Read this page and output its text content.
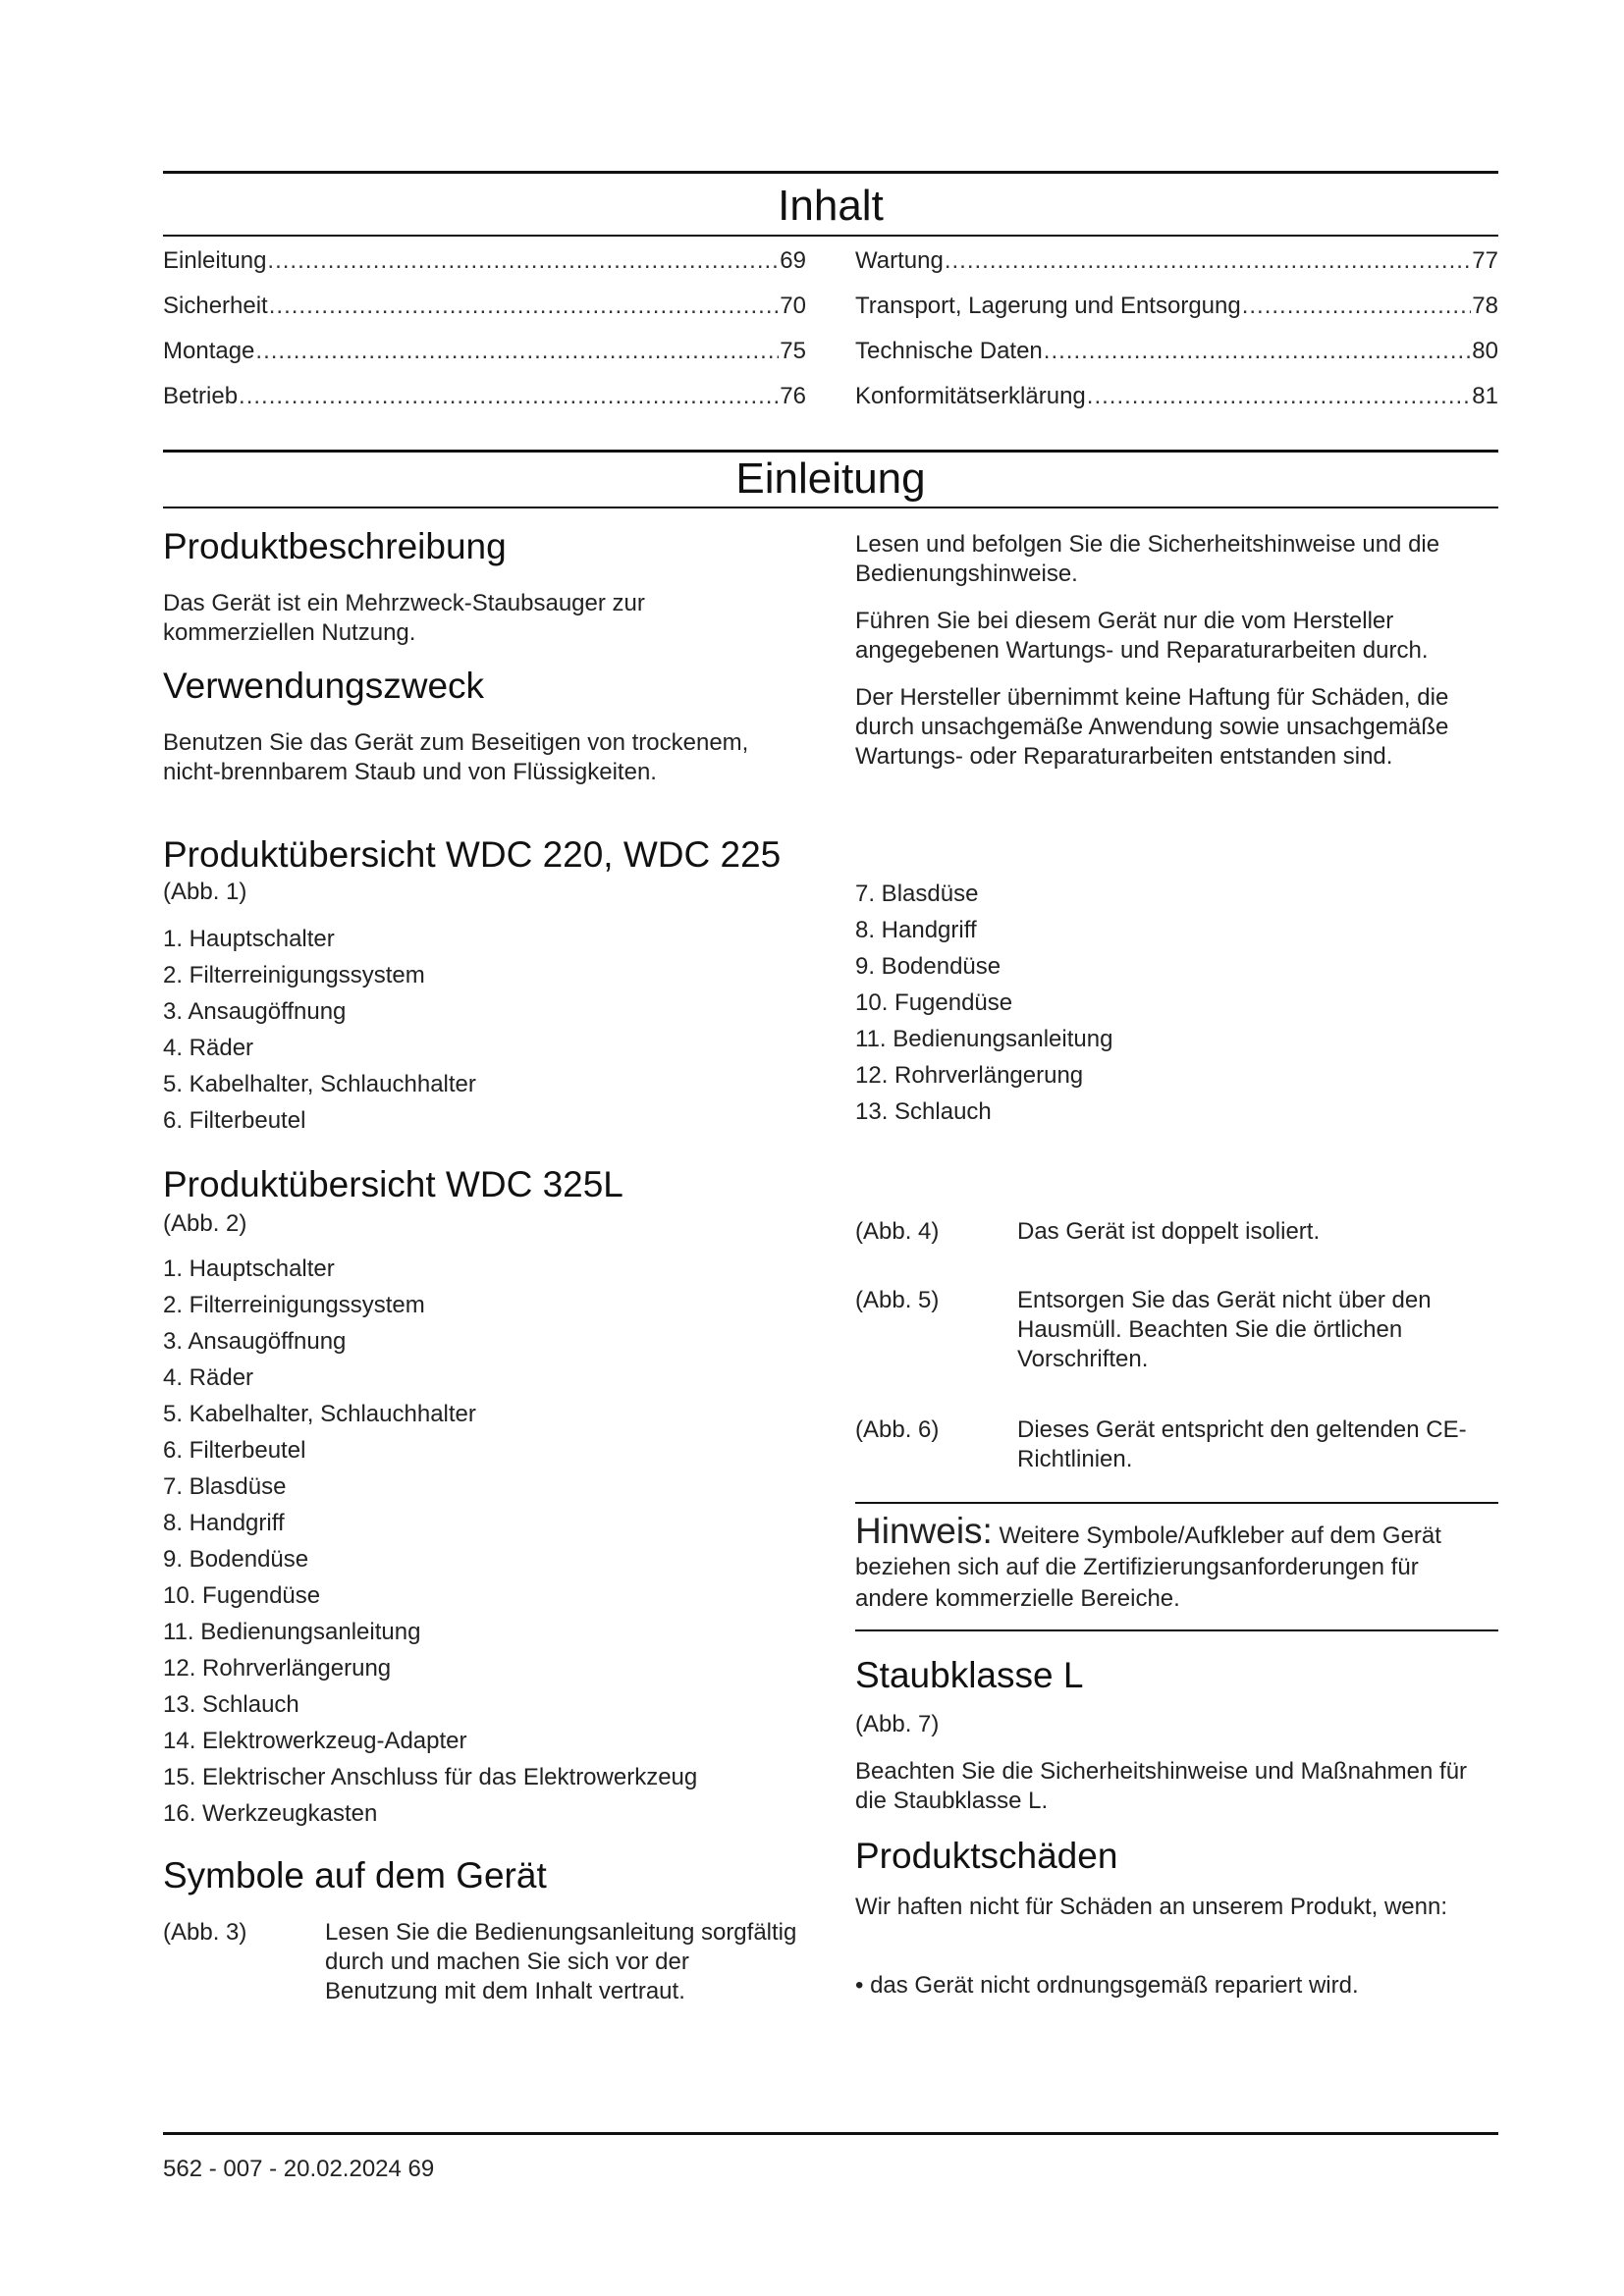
Inhalt
Einleitung .....	69
Sicherheit .....	70
Montage .....	75
Betrieb .....	76
Wartung .....	77
Transport, Lagerung und Entsorgung .....	78
Technische Daten .....	80
Konformitätserklärung .....	81
Einleitung
Produktbeschreibung

Das Gerät ist ein Mehrzweck-Staubsauger zur kommerziellen Nutzung.

Verwendungszweck

Benutzen Sie das Gerät zum Beseitigen von trockenem, nicht-brennbarem Staub und von Flüssigkeiten.

Lesen und befolgen Sie die Sicherheitshinweise und die Bedienungshinweise.

Führen Sie bei diesem Gerät nur die vom Hersteller angegebenen Wartungs- und Reparaturarbeiten durch.

Der Hersteller übernimmt keine Haftung für Schäden, die durch unsachgemäße Anwendung sowie unsachgemäße Wartungs- oder Reparaturarbeiten entstanden sind.

Produktübersicht WDC 220, WDC 225

(Abb. 1)

1. Hauptschalter
2. Filterreinigungssystem
3. Ansaugöffnung
4. Räder
5. Kabelhalter, Schlauchhalter
6. Filterbeutel
7. Blasdüse
8. Handgriff
9. Bodendüse
10. Fugendüse
11. Bedienungsanleitung
12. Rohrverlängerung
13. Schlauch
Produktübersicht WDC 325L

(Abb. 2)

1. Hauptschalter
2. Filterreinigungssystem
3. Ansaugöffnung
4. Räder
5. Kabelhalter, Schlauchhalter
6. Filterbeutel
7. Blasdüse
8. Handgriff
9. Bodendüse
10. Fugendüse
11. Bedienungsanleitung
12. Rohrverlängerung
13. Schlauch
14. Elektrowerkzeug-Adapter
15. Elektrischer Anschluss für das Elektrowerkzeug
16. Werkzeugkasten
Symbole auf dem Gerät
(Abb. 3)	Lesen Sie die Bedienungsanleitung sorgfältig durch und machen Sie sich vor der Benutzung mit dem Inhalt vertraut.
(Abb. 4)	Das Gerät ist doppelt isoliert.
(Abb. 5)	Entsorgen Sie das Gerät nicht über den Hausmüll. Beachten Sie die örtlichen Vorschriften.
(Abb. 6)	Dieses Gerät entspricht den geltenden CE-Richtlinien.

Hinweis: Weitere Symbole/Aufkleber auf dem Gerät beziehen sich auf die Zertifizierungsanforderungen für andere kommerzielle Bereiche.

Staubklasse L

(Abb. 7)

Beachten Sie die Sicherheitshinweise und Maßnahmen für die Staubklasse L.

Produktschäden

Wir haften nicht für Schäden an unserem Produkt, wenn:

• das Gerät nicht ordnungsgemäß repariert wird.

562 - 007 - 20.02.2024 69
